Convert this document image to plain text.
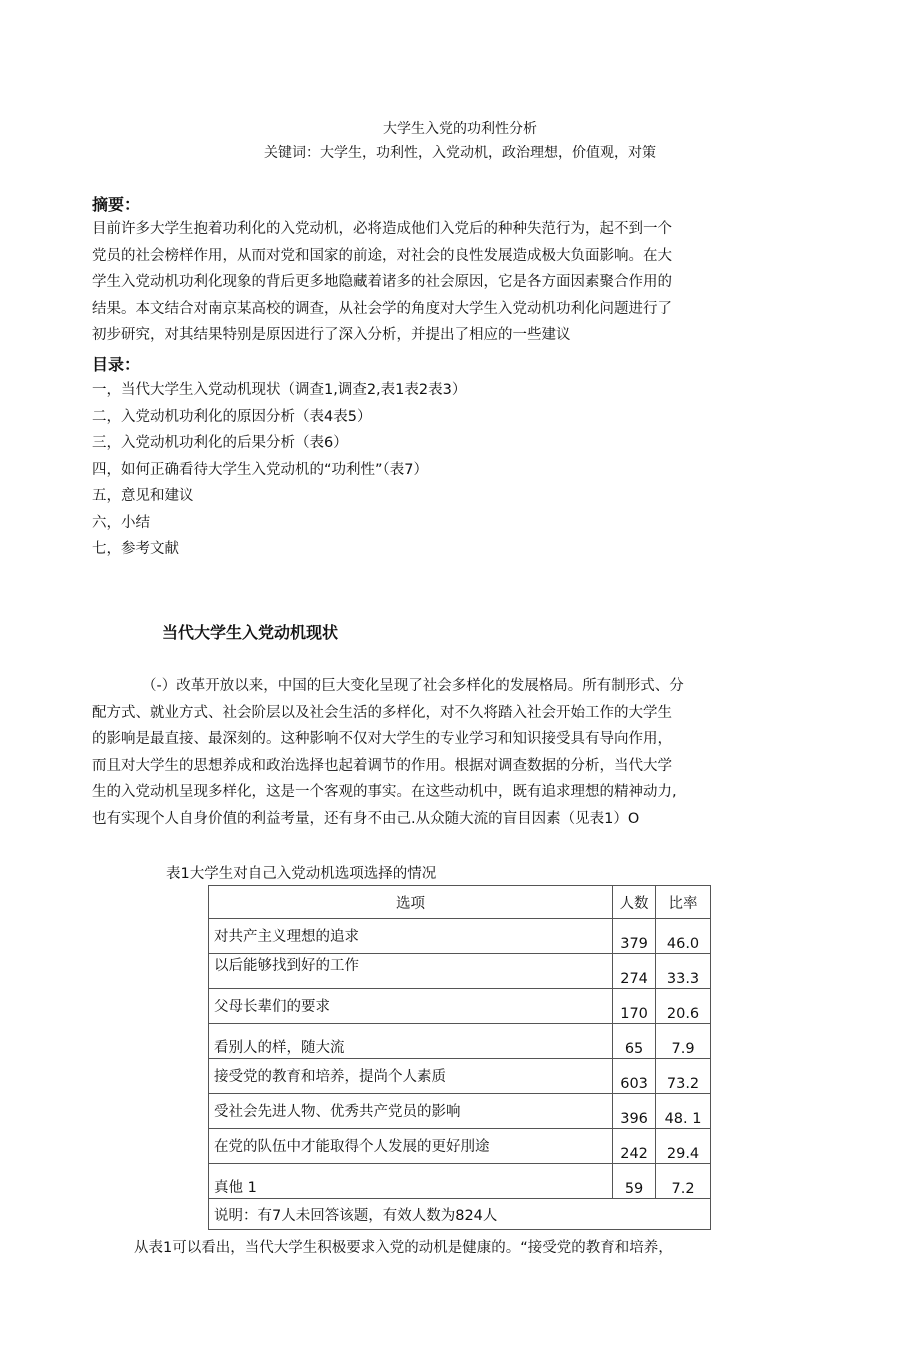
大学生入党的功利性分析
关键词：大学生，功利性，入党动机，政治理想，价值观，对策
摘要：
目前许多大学生抱着功利化的入党动机，必将造成他们入党后的种种失范行为，起不到一个
党员的社会榜样作用，从而对党和国家的前途，对社会的良性发展造成极大负面影响。在大
学生入党动机功利化现象的背后更多地隐藏着诸多的社会原因，它是各方面因素聚合作用的
结果。本文结合对南京某高校的调查，从社会学的角度对大学生入党动机功利化问题进行了
初步研究，对其结果特别是原因进行了深入分析，并提出了相应的一些建议
目录：
一，当代大学生入党动机现状（调查1,调查2,表1表2表3）
二，入党动机功利化的原因分析（表4表5）
三，入党动机功利化的后果分析（表6）
四，如何正确看待大学生入党动机的“功利性”（表7）
五，意见和建议
六，小结
七，参考文献
当代大学生入党动机现状
（-）改革开放以来，中国的巨大变化呈现了社会多样化的发展格局。所有制形式、分
配方式、就业方式、社会阶层以及社会生活的多样化，对不久将踏入社会开始工作的大学生
的影响是最直接、最深刻的。这种影响不仅对大学生的专业学习和知识接受具有导向作用，
而且对大学生的思想养成和政治选择也起着调节的作用。根据对调查数据的分析，当代大学
生的入党动机呈现多样化，这是一个客观的事实。在这些动机中，既有追求理想的精神动力,
也有实现个人自身价值的利益考量，还有身不由己.从众随大流的盲目因素（见表1）O
表1大学生对自己入党动机选项选择的情况
选项	人数	比率
对共产主义理想的追求	379	46.0
以后能够找到好的工作	274	33.3
父母长辈们的要求	170	20.6
看别人的样，随大流	65	7.9
接受党的教育和培养，提尚个人素质	603	73.2
受社会先进人物、优秀共产党员的影响	396	48. 1
在党的队伍中才能取得个人发展的更好刖途	242	29.4
真他 1	59	7.2
说明：有7人未回答该题，有效人数为824人		
从表1可以看出，当代大学生积极要求入党的动机是健康的。“接受党的教育和培养，
